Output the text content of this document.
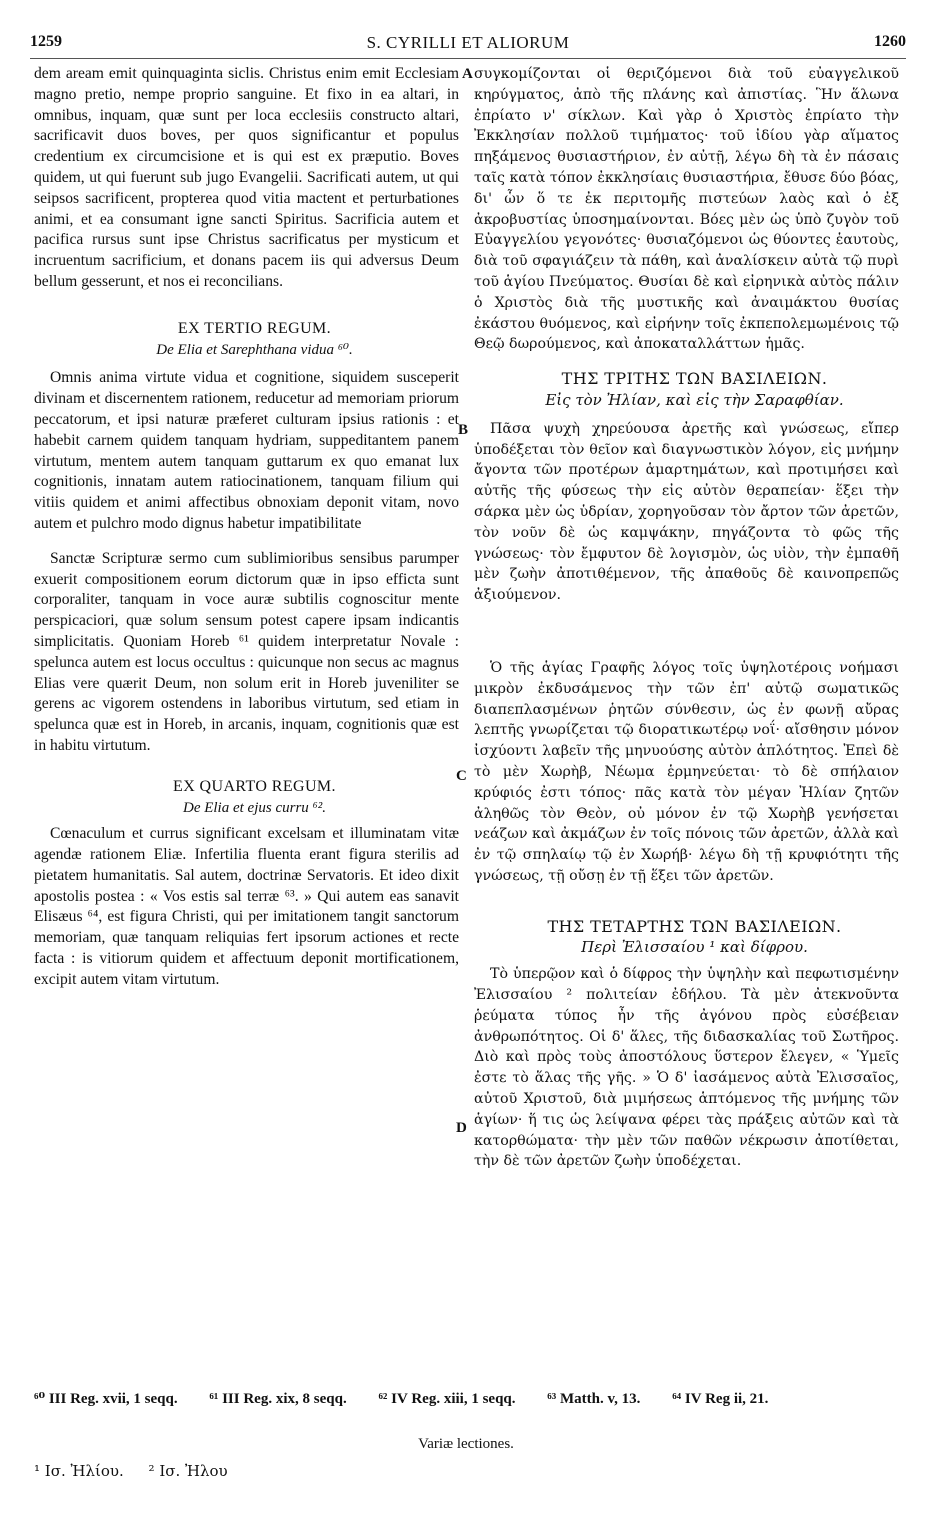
1259	S. CYRILLI ET ALIORUM	1260
A
B
C
D

dem aream emit quinquaginta siclis. Christus enim emit Ecclesiam magno pretio, nempe proprio sanguine. Et fixo in ea altari, in omnibus, inquam, quæ sunt per loca ecclesiis constructo altari, sacrificavit duos boves, per quos significantur et populus credentium ex circumcisione et is qui est ex præputio. Boves quidem, ut qui fuerunt sub jugo Evangelii. Sacrificati autem, ut qui seipsos sacrificent, propterea quod vitia mactent et perturbationes animi, et ea consumant igne sancti Spiritus. Sacrificia autem et pacifica rursus sunt ipse Christus sacrificatus per mysticum et incruentum sacrificium, et donans pacem iis qui adversus Deum bellum gesserunt, et nos ei reconcilians.

EX TERTIO REGUM.

De Elia et Sarephthana vidua ⁶⁰.

Omnis anima virtute vidua et cognitione, siquidem susceperit divinam et discernentem rationem, reducetur ad memoriam priorum peccatorum, et ipsi naturæ præferet culturam ipsius rationis : et habebit carnem quidem tanquam hydriam, suppeditantem panem virtutum, mentem autem tanquam guttarum ex quo emanat lux cognitionis, innatam autem ratiocinationem, tanquam filium qui vitiis quidem et animi affectibus obnoxiam deponit vitam, novo autem et pulchro modo dignus habetur impatibilitate

Sanctæ Scripturæ sermo cum sublimioribus sensibus parumper exuerit compositionem eorum dictorum quæ in ipso efficta sunt corporaliter, tanquam in voce auræ subtilis cognoscitur mente perspicaciori, quæ solum sensum potest capere ipsam indicantis simplicitatis. Quoniam Horeb ⁶¹ quidem interpretatur Novale : spelunca autem est locus occultus : quicunque non secus ac magnus Elias vere quærit Deum, non solum erit in Horeb juveniliter se gerens ac vigorem ostendens in laboribus virtutum, sed etiam in spelunca quæ est in Horeb, in arcanis, inquam, cognitionis quæ est in habitu virtutum.

EX QUARTO REGUM.

De Elia et ejus curru ⁶².

Cœnaculum et currus significant excelsam et illuminatam vitæ agendæ rationem Eliæ. Infertilia fluenta erant figura sterilis ad pietatem humanitatis. Sal autem, doctrinæ Servatoris. Et ideo dixit apostolis postea : « Vos estis sal terræ ⁶³. » Qui autem eas sanavit Elisæus ⁶⁴, est figura Christi, qui per imitationem tangit sanctorum memoriam, quæ tanquam reliquias fert ipsorum actiones et recte facta : is vitiorum quidem et affectuum deponit mortificationem, excipit autem vitam virtutum.

συγκομίζονται οἱ θεριζόμενοι διὰ τοῦ εὐαγγελικοῦ κηρύγματος, ἀπὸ τῆς πλάνης καὶ ἀπιστίας. Ἣν ἅλωνα ἐπρίατο ν' σίκλων. Καὶ γὰρ ὁ Χριστὸς ἐπρίατο τὴν Ἐκκλησίαν πολλοῦ τιμήματος· τοῦ ἰδίου γὰρ αἵματος πηξάμενος θυσιαστήριον, ἐν αὐτῇ, λέγω δὴ τὰ ἐν πάσαις ταῖς κατὰ τόπον ἐκκλησίαις θυσιαστήρια, ἔθυσε δύο βόας, δι' ὧν ὅ τε ἐκ περιτομῆς πιστεύων λαὸς καὶ ὁ ἐξ ἀκροβυστίας ὑποσημαίνονται. Βόες μὲν ὡς ὑπὸ ζυγὸν τοῦ Εὐαγγελίου γεγονότες· θυσιαζόμενοι ὡς θύοντες ἑαυτοὺς, διὰ τοῦ σφαγιάζειν τὰ πάθη, καὶ ἀναλίσκειν αὐτὰ τῷ πυρὶ τοῦ ἁγίου Πνεύματος. Θυσίαι δὲ καὶ εἰρηνικὰ αὐτὸς πάλιν ὁ Χριστὸς διὰ τῆς μυστικῆς καὶ ἀναιμάκτου θυσίας ἐκάστου θυόμενος, καὶ εἰρήνην τοῖς ἐκπεπολεμωμένοις τῷ Θεῷ δωρούμενος, καὶ ἀποκαταλλάττων ἡμᾶς.

ΤΗΣ ΤΡΙΤΗΣ ΤΩΝ ΒΑΣΙΛΕΙΩΝ.

Εἰς τὸν Ἠλίαν, καὶ εἰς τὴν Σαραφθίαν.

Πᾶσα ψυχὴ χηρεύουσα ἀρετῆς καὶ γνώσεως, εἴπερ ὑποδέξεται τὸν θεῖον καὶ διαγνωστικὸν λόγον, εἰς μνήμην ἄγοντα τῶν προτέρων ἁμαρτημάτων, καὶ προτιμήσει καὶ αὐτῆς τῆς φύσεως τὴν εἰς αὐτὸν θεραπείαν· ἕξει τὴν σάρκα μὲν ὡς ὑδρίαν, χορηγοῦσαν τὸν ἄρτον τῶν ἀρετῶν, τὸν νοῦν δὲ ὡς καμψάκην, πηγάζοντα τὸ φῶς τῆς γνώσεως· τὸν ἔμφυτον δὲ λογισμὸν, ὡς υἱὸν, τὴν ἐμπαθῆ μὲν ζωὴν ἀποτιθέμενον, τῆς ἀπαθοῦς δὲ καινοπρεπῶς ἀξιούμενον.

Ὁ τῆς ἁγίας Γραφῆς λόγος τοῖς ὑψηλοτέροις νοήμασι μικρὸν ἐκδυσάμενος τὴν τῶν ἐπ' αὐτῷ σωματικῶς διαπεπλασμένων ῥητῶν σύνθεσιν, ὡς ἐν φωνῇ αὔρας λεπτῆς γνωρίζεται τῷ διορατικωτέρῳ νοΐ· αἴσθησιν μόνον ἰσχύοντι λαβεῖν τῆς μηνυούσης αὐτὸν ἁπλότητος. Ἐπεὶ δὲ τὸ μὲν Χωρὴβ, Νέωμα ἑρμηνεύεται· τὸ δὲ σπήλαιον κρύφιός ἐστι τόπος· πᾶς κατὰ τὸν μέγαν Ἠλίαν ζητῶν ἀληθῶς τὸν Θεὸν, οὐ μόνον ἐν τῷ Χωρὴβ γενήσεται νεάζων καὶ ἀκμάζων ἐν τοῖς πόνοις τῶν ἀρετῶν, ἀλλὰ καὶ ἐν τῷ σπηλαίῳ τῷ ἐν Χωρήβ· λέγω δὴ τῇ κρυφιότητι τῆς γνώσεως, τῇ οὔσῃ ἐν τῇ ἕξει τῶν ἀρετῶν.

ΤΗΣ ΤΕΤΑΡΤΗΣ ΤΩΝ ΒΑΣΙΛΕΙΩΝ.

Περὶ Ἐλισσαίου ¹ καὶ δίφρου.

Τὸ ὑπερῷον καὶ ὁ δίφρος τὴν ὑψηλὴν καὶ πεφωτισμένην Ἐλισσαίου ² πολιτείαν ἐδήλου. Τὰ μὲν ἀτεκνοῦντα ῥεύματα τύπος ἦν τῆς ἀγόνου πρὸς εὐσέβειαν ἀνθρωπότητος. Οἱ δ' ἅλες, τῆς διδασκαλίας τοῦ Σωτῆρος. Διὸ καὶ πρὸς τοὺς ἀποστόλους ὕστερον ἔλεγεν, « Ὑμεῖς ἐστε τὸ ἅλας τῆς γῆς. » Ὁ δ' ἰασάμενος αὐτὰ Ἐλισσαῖος, αὐτοῦ Χριστοῦ, διὰ μιμήσεως ἁπτόμενος τῆς μνήμης τῶν ἁγίων· ἥ τις ὡς λείψανα φέρει τὰς πράξεις αὐτῶν καὶ τὰ κατορθώματα· τὴν μὲν τῶν παθῶν νέκρωσιν ἀποτίθεται, τὴν δὲ τῶν ἀρετῶν ζωὴν ὑποδέχεται.

⁶⁰ III Reg. xvii, 1 seqq. ⁶¹ III Reg. xix, 8 seqq. ⁶² IV Reg. xiii, 1 seqq. ⁶³ Matth. v, 13. ⁶⁴ IV Reg ii, 21.
Variæ lectiones.
¹ Ισ. Ἠλίου. ² Ισ. Ἠλου
